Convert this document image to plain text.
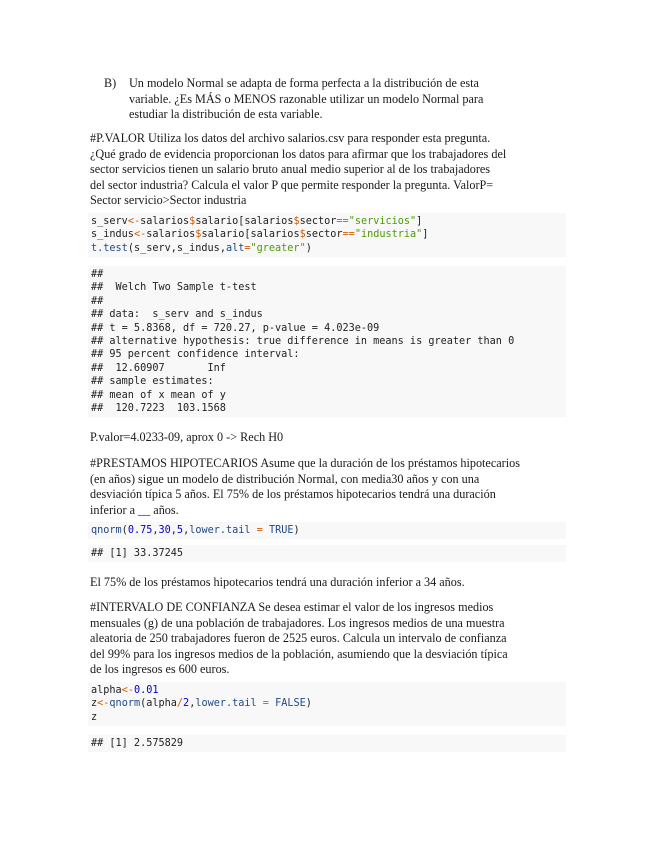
B) Un modelo Normal se adapta de forma perfecta a la distribución de esta
variable. ¿Es MÁS o MENOS razonable utilizar un modelo Normal para
estudiar la distribución de esta variable.
#P.VALOR Utiliza los datos del archivo salarios.csv para responder esta pregunta.
¿Qué grado de evidencia proporcionan los datos para afirmar que los trabajadores del
sector servicios tienen un salario bruto anual medio superior al de los trabajadores
del sector industria? Calcula el valor P que permite responder la pregunta. ValorP=
Sector servicio>Sector industria
s_serv<-salarios$salario[salarios$sector=="servicios"]
s_indus<-salarios$salario[salarios$sector=="industria"]
t.test(s_serv,s_indus,alt="greater")
##
##  Welch Two Sample t-test
##
## data:  s_serv and s_indus
## t = 5.8368, df = 720.27, p-value = 4.023e-09
## alternative hypothesis: true difference in means is greater than 0
## 95 percent confidence interval:
##  12.60907       Inf
## sample estimates:
## mean of x mean of y
##  120.7223  103.1568
P.valor=4.0233-09, aprox 0 -> Rech H0
#PRESTAMOS HIPOTECARIOS Asume que la duración de los préstamos hipotecarios
(en años) sigue un modelo de distribución Normal, con media30 años y con una
desviación típica 5 años. El 75% de los préstamos hipotecarios tendrá una duración
inferior a __ años.
qnorm(0.75,30,5,lower.tail = TRUE)
## [1] 33.37245
El 75% de los préstamos hipotecarios tendrá una duración inferior a 34 años.
#INTERVALO DE CONFIANZA Se desea estimar el valor de los ingresos medios
mensuales (g) de una población de trabajadores. Los ingresos medios de una muestra
aleatoria de 250 trabajadores fueron de 2525 euros. Calcula un intervalo de confianza
del 99% para los ingresos medios de la población, asumiendo que la desviación típica
de los ingresos es 600 euros.
alpha<-0.01
z<-qnorm(alpha/2,lower.tail = FALSE)
z
## [1] 2.575829
